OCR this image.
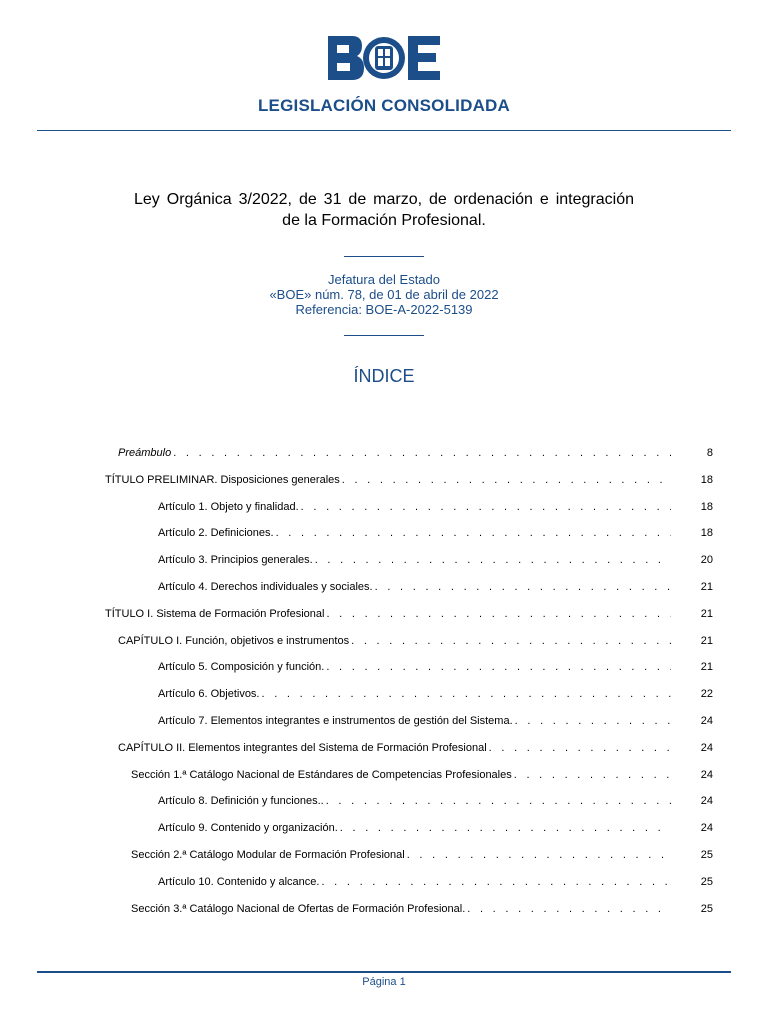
LEGISLACIÓN CONSOLIDADA
Ley Orgánica 3/2022, de 31 de marzo, de ordenación e integración
de la Formación Profesional.
Jefatura del Estado
«BOE» núm. 78, de 01 de abril de 2022
Referencia: BOE-A-2022-5139
ÍNDICE
Preámbulo . . .	8
TÍTULO PRELIMINAR. Disposiciones generales . . .	18
Artículo 1. Objeto y finalidad. . . .	18
Artículo 2. Definiciones. . . .	18
Artículo 3. Principios generales. . . .	20
Artículo 4. Derechos individuales y sociales. . . .	21
TÍTULO I. Sistema de Formación Profesional . . .	21
CAPÍTULO I. Función, objetivos e instrumentos . . .	21
Artículo 5. Composición y función. . . .	21
Artículo 6. Objetivos. . . .	22
Artículo 7. Elementos integrantes e instrumentos de gestión del Sistema. . . .	24
CAPÍTULO II. Elementos integrantes del Sistema de Formación Profesional . . .	24
Sección 1.ª Catálogo Nacional de Estándares de Competencias Profesionales . . .	24
Artículo 8. Definición y funciones.. . . .	24
Artículo 9. Contenido y organización. . . .	24
Sección 2.ª Catálogo Modular de Formación Profesional . . .	25
Artículo 10. Contenido y alcance. . . .	25
Sección 3.ª Catálogo Nacional de Ofertas de Formación Profesional. . . .	25
Página 1
